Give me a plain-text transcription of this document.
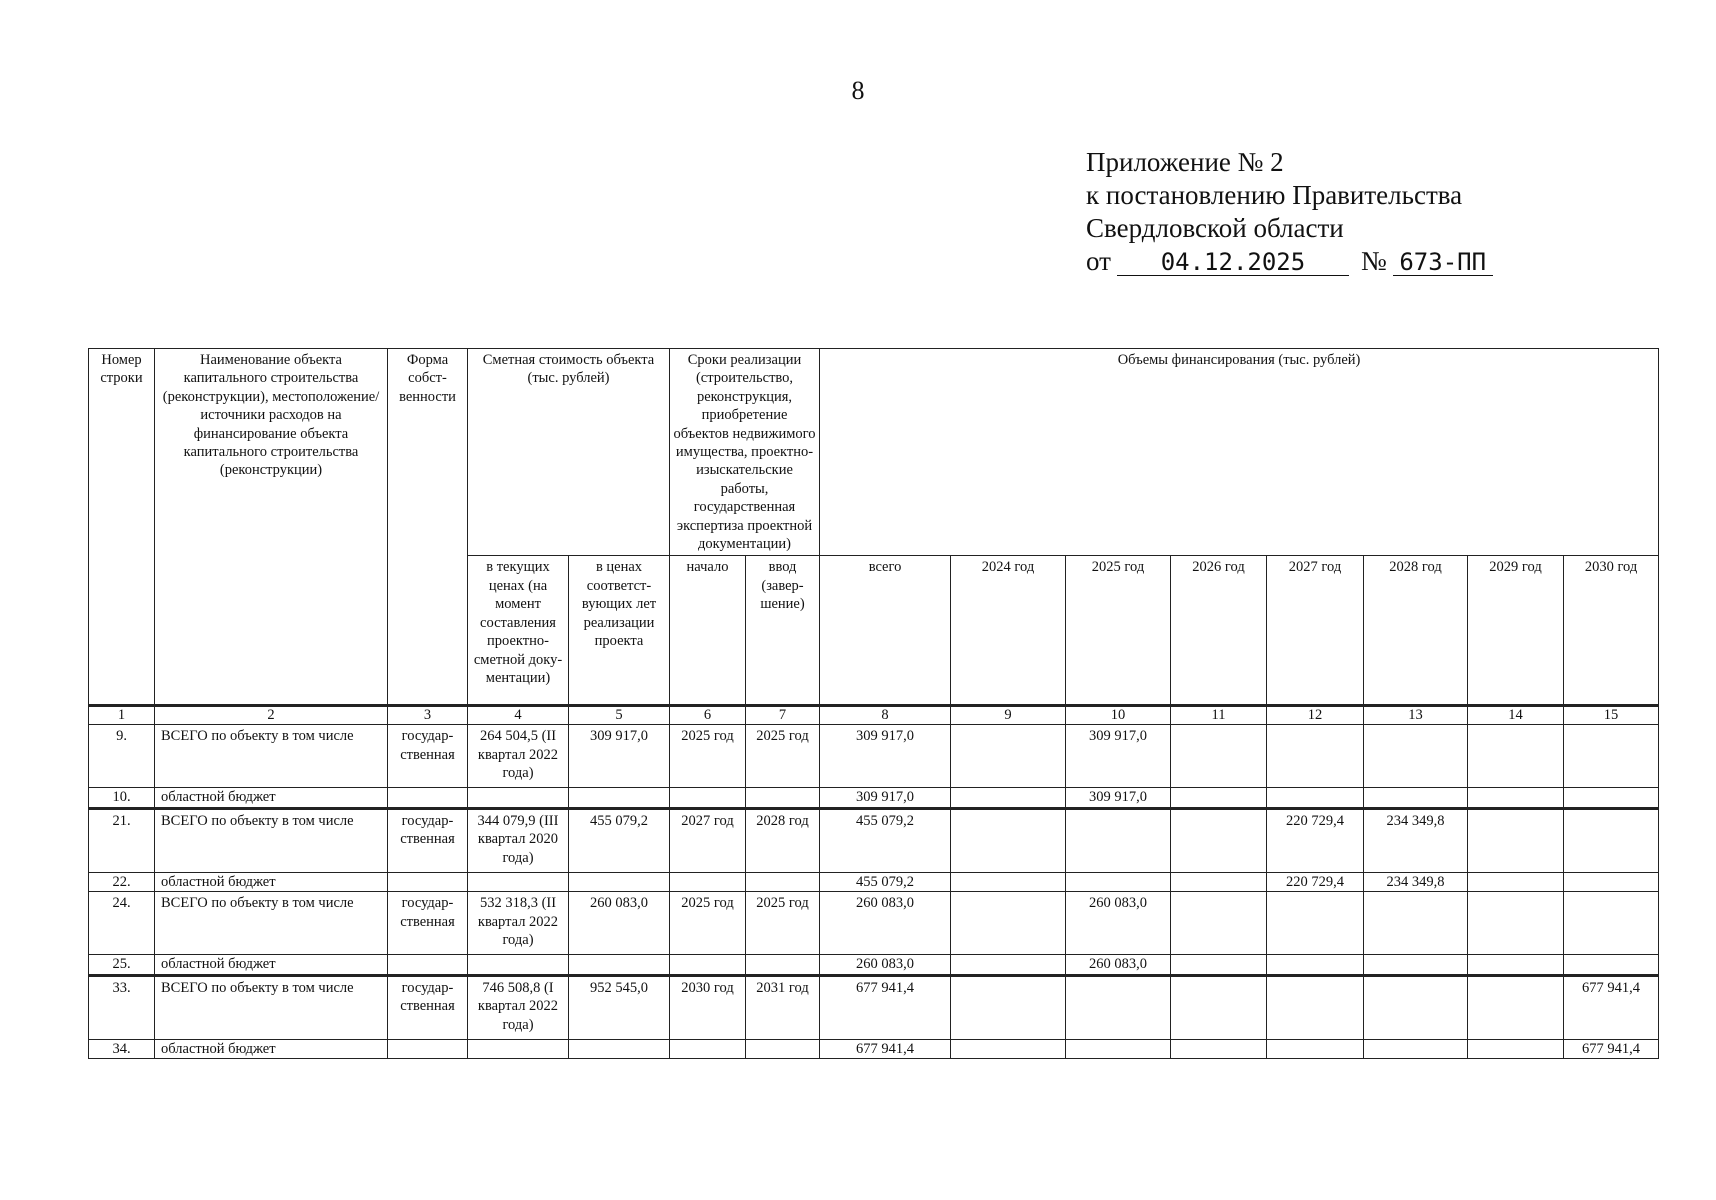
8
Приложение № 2
к постановлению Правительства
Свердловской области
от 04.12.2025 № 673-ПП
Номер строки	Наименование объекта капитального строительства (реконструкции), местоположение/источники расходов на финансирование объекта капитального строительства (реконструкции)	Форма собст-венности	Сметная стоимость объекта (тыс. рублей)		Сроки реализации (строительство, реконструкция, приобретение объектов недвижимого имущества, проектно-изыскательские работы, государственная экспертиза проектной документации)		Объемы финансирования (тыс. рублей)							
			в текущих ценах (на момент составления проектно-сметной доку-ментации)	в ценах соответст-вующих лет реализации проекта	начало	ввод (завер-шение)	всего	2024 год	2025 год	2026 год	2027 год	2028 год	2029 год	2030 год
1	2	3	4	5	6	7	8	9	10	11	12	13	14	15
9.	ВСЕГО по объекту в том числе	государ-ственная	264 504,5 (II квартал 2022 года)	309 917,0	2025 год	2025 год	309 917,0		309 917,0					
10.	областной бюджет						309 917,0		309 917,0					
21.	ВСЕГО по объекту в том числе	государ-ственная	344 079,9 (III квартал 2020 года)	455 079,2	2027 год	2028 год	455 079,2				220 729,4	234 349,8		
22.	областной бюджет						455 079,2				220 729,4	234 349,8		
24.	ВСЕГО по объекту в том числе	государ-ственная	532 318,3 (II квартал 2022 года)	260 083,0	2025 год	2025 год	260 083,0		260 083,0					
25.	областной бюджет						260 083,0		260 083,0					
33.	ВСЕГО по объекту в том числе	государ-ственная	746 508,8 (I квартал 2022 года)	952 545,0	2030 год	2031 год	677 941,4							677 941,4
34.	областной бюджет						677 941,4							677 941,4
